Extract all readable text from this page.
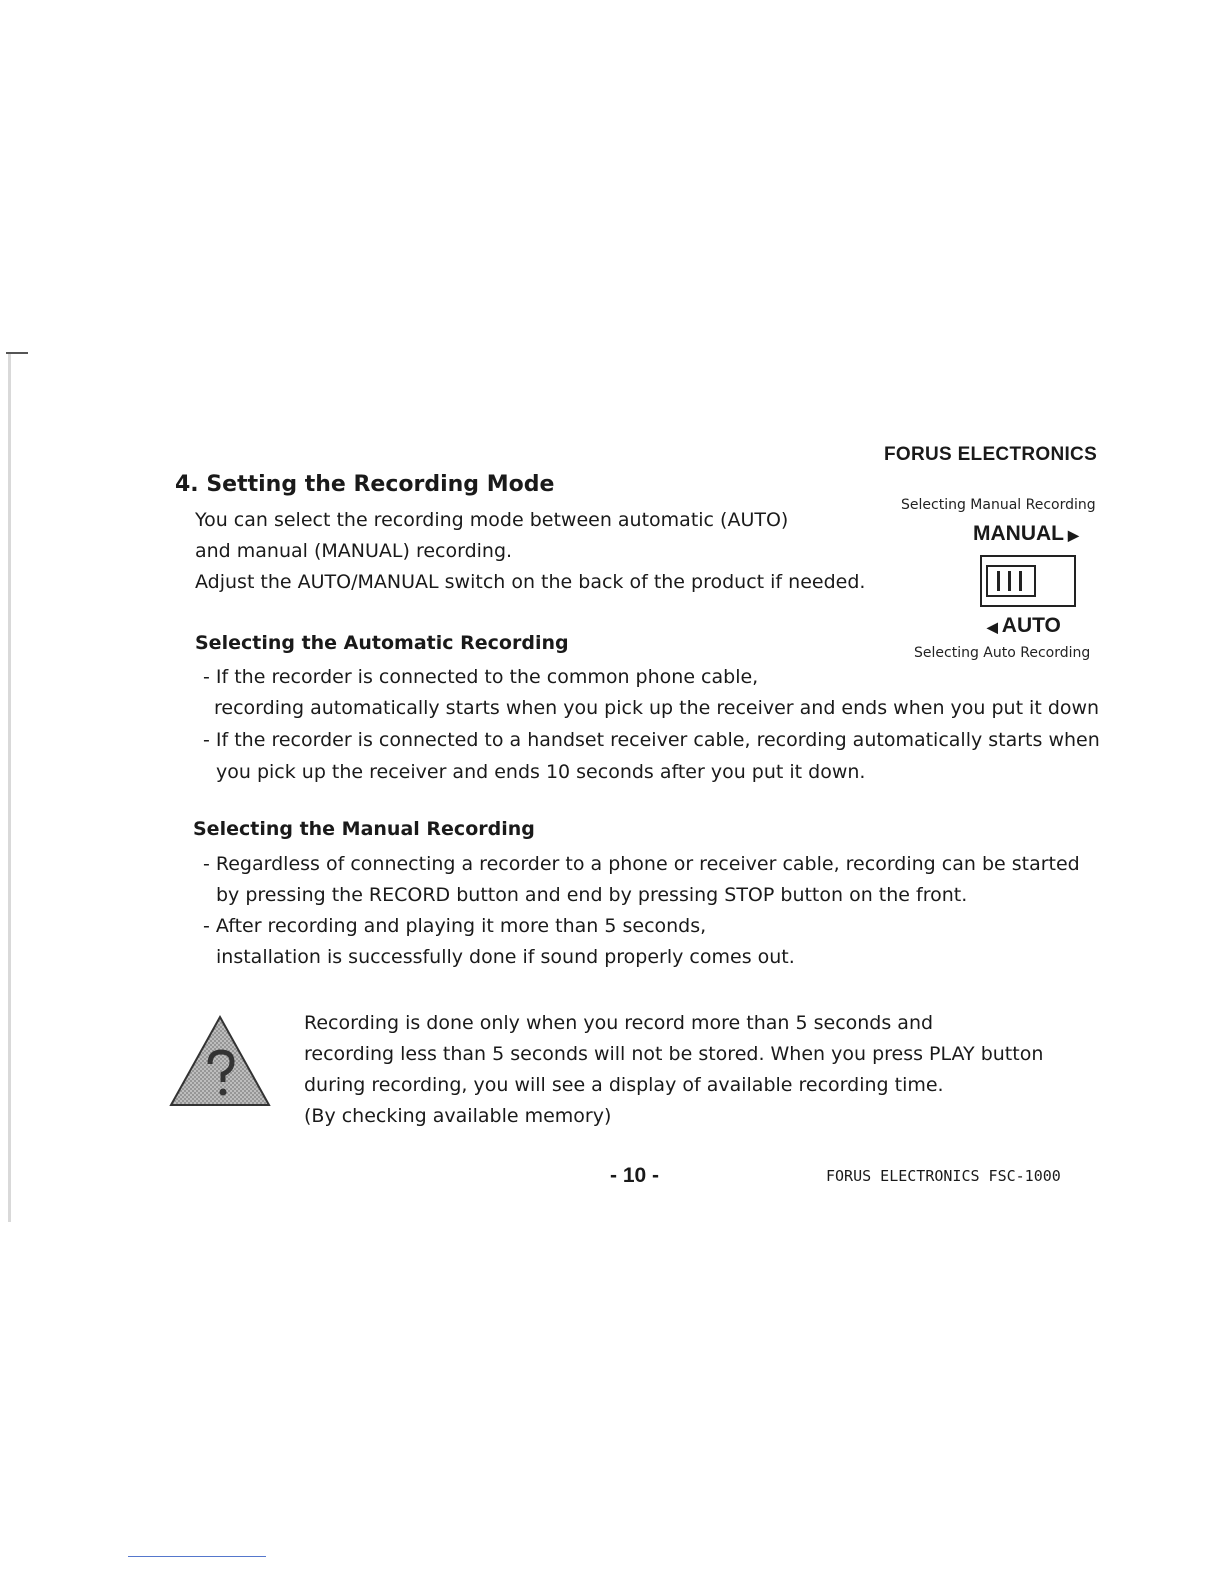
FORUS ELECTRONICS
4. Setting the Recording Mode
You can select the recording mode between automatic (AUTO)
and manual (MANUAL) recording.
Adjust the AUTO/MANUAL switch on the back of the product if needed.
Selecting Manual Recording
MANUAL ▶
◀ AUTO
Selecting Auto Recording
Selecting the Automatic Recording
- If the recorder is connected to the common phone cable,
recording automatically starts when you pick up the receiver and ends when you put it down
- If the recorder is connected to a handset receiver cable, recording automatically starts when
you pick up the receiver and ends 10 seconds after you put it down.
Selecting the Manual Recording
- Regardless of connecting a recorder to a phone or receiver cable, recording can be started
by pressing the RECORD button and end by pressing STOP button on the front.
- After recording and playing it more than 5 seconds,
installation is successfully done if sound properly comes out.
Recording is done only when you record more than 5 seconds and
recording less than 5 seconds will not be stored. When you press PLAY button
during recording, you will see a display of available recording time.
(By checking available memory)
- 10 -	FORUS ELECTRONICS FSC-1000
